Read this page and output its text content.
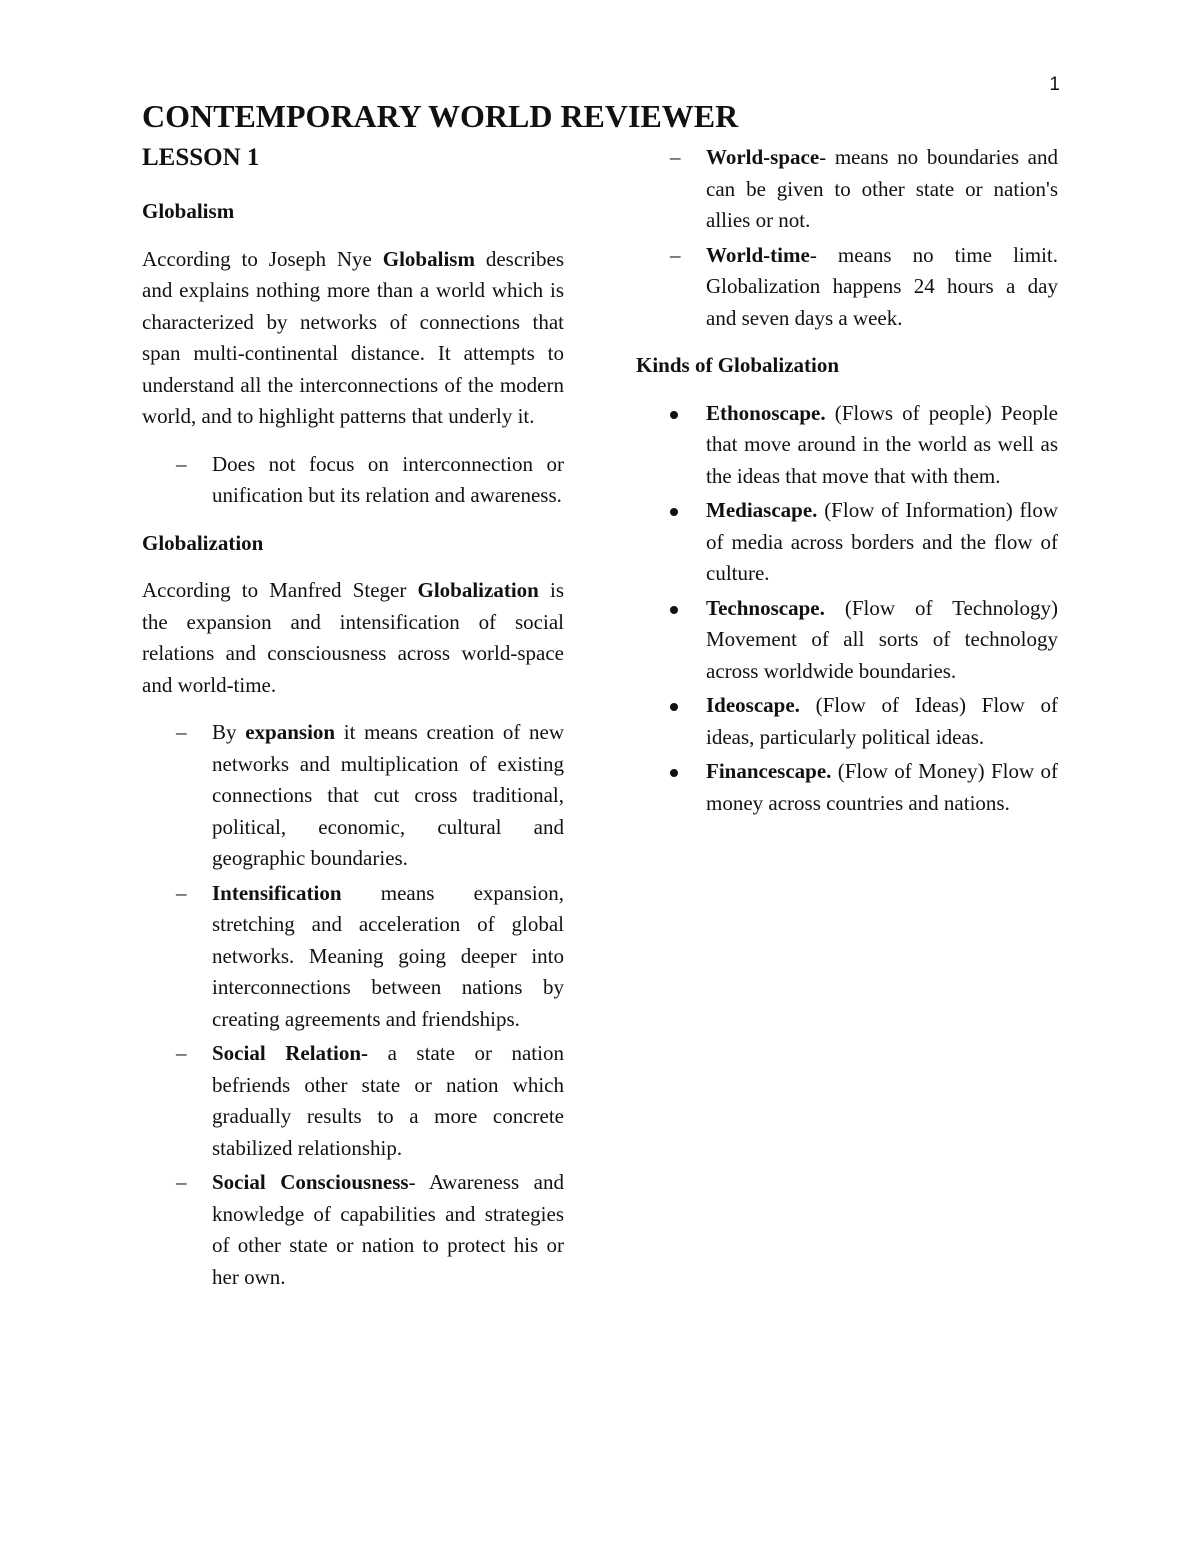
1
CONTEMPORARY WORLD REVIEWER
LESSON 1
Globalism

According to Joseph Nye Globalism describes and explains nothing more than a world which is characterized by networks of connections that span multi-continental distance. It attempts to understand all the interconnections of the modern world, and to highlight patterns that underly it.

– Does not focus on interconnection or unification but its relation and awareness.
Globalization

According to Manfred Steger Globalization is the expansion and intensification of social relations and consciousness across world-space and world-time.

– By expansion it means creation of new networks and multiplication of existing connections that cut cross traditional, political, economic, cultural and geographic boundaries.
– Intensification means expansion, stretching and acceleration of global networks. Meaning going deeper into interconnections between nations by creating agreements and friendships.
– Social Relation- a state or nation befriends other state or nation which gradually results to a more concrete stabilized relationship.
– Social Consciousness- Awareness and knowledge of capabilities and strategies of other state or nation to protect his or her own.
– World-space- means no boundaries and can be given to other state or nation's allies or not.
– World-time- means no time limit. Globalization happens 24 hours a day and seven days a week.
Kinds of Globalization
Ethonoscape. (Flows of people) People that move around in the world as well as the ideas that move that with them.
Mediascape. (Flow of Information) flow of media across borders and the flow of culture.
Technoscape. (Flow of Technology) Movement of all sorts of technology across worldwide boundaries.
Ideoscape. (Flow of Ideas) Flow of ideas, particularly political ideas.
Financescape. (Flow of Money) Flow of money across countries and nations.
